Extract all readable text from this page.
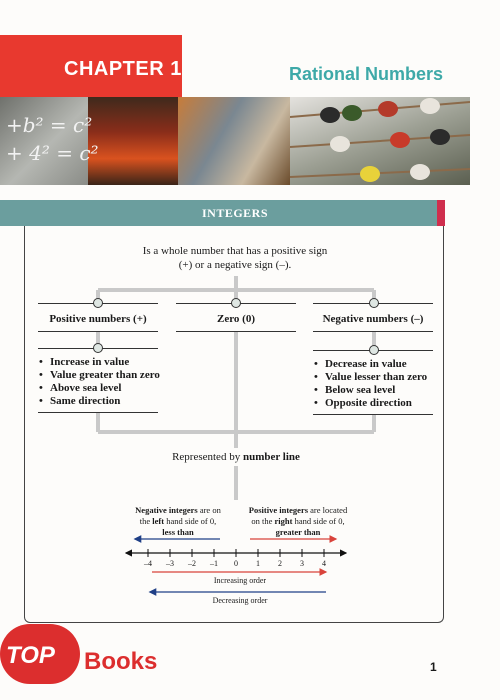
CHAPTER 1	Rational Numbers
+b² = c²
+ 4² = c²
INTEGERS
Is a whole number that has a positive sign
(+) or a negative sign (–).
Positive numbers (+)	Zero (0)	Negative numbers (–)
• Increase in value
• Value greater than zero
• Above sea level
• Same direction
• Decrease in value
• Value lesser than zero
• Below sea level
• Opposite direction
Represented by number line
Negative integers are on
the left hand side of 0,
less than
Positive integers are located
on the right hand side of 0,
greater than
–4	–3	–2	–1	0	1	2	3	4
Increasing order
Decreasing order
TOP Books	1
